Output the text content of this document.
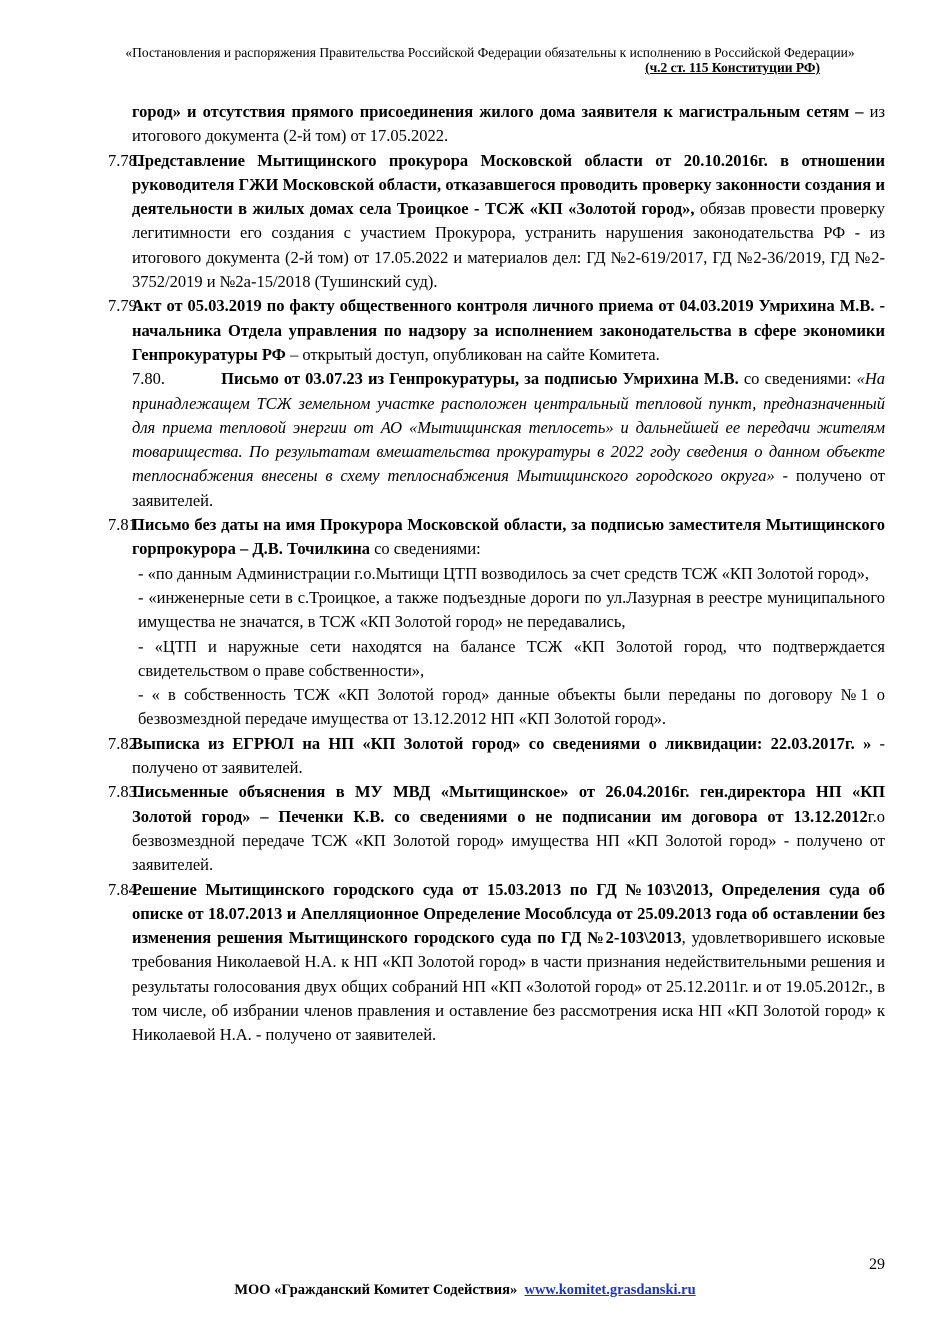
«Постановления и распоряжения Правительства Российской Федерации обязательны к исполнению в Российской Федерации»
(ч.2 ст. 115 Конституции РФ)

город» и отсутствия прямого присоединения жилого дома заявителя к магистральным сетям – из итогового документа (2-й том) от 17.05.2022.

7.78.
Представление Мытищинского прокурора Московской области от 20.10.2016г. в отношении руководителя ГЖИ Московской области, отказавшегося проводить проверку законности создания и деятельности в жилых домах села Троицкое - ТСЖ «КП «Золотой город», обязав провести проверку легитимности его создания с участием Прокурора, устранить нарушения законодательства РФ - из итогового документа (2-й том) от 17.05.2022 и материалов дел: ГД №2-619/2017, ГД №2-36/2019, ГД №2-3752/2019 и №2а-15/2018 (Тушинский суд).

7.79.
Акт от 05.03.2019 по факту общественного контроля личного приема от 04.03.2019 Умрихина М.В. - начальника Отдела управления по надзору за исполнением законодательства в сфере экономики Генпрокуратуры РФ – открытый доступ, опубликован на сайте Комитета.

7.80.	Письмо от 03.07.23 из Генпрокуратуры, за подписью Умрихина М.В. со сведениями: «На принадлежащем ТСЖ земельном участке расположен центральный тепловой пункт, предназначенный для приема тепловой энергии от АО «Мытищинская теплосеть» и дальнейшей ее передачи жителям товарищества. По результатам вмешательства прокуратуры в 2022 году сведения о данном объекте теплоснабжения внесены в схему теплоснабжения Мытищинского городского округа» - получено от заявителей.

7.81.
Письмо без даты на имя Прокурора Московской области, за подписью заместителя Мытищинского горпрокурора – Д.В. Точилкина со сведениями:

- «по данным Администрации г.о.Мытищи ЦТП возводилось за счет средств ТСЖ «КП Золотой город»,

- «инженерные сети в с.Троицкое, а также подъездные дороги по ул.Лазурная в реестре муниципального имущества не значатся, в ТСЖ «КП Золотой город» не передавались,

- «ЦТП и наружные сети находятся на балансе ТСЖ «КП Золотой город, что подтверждается свидетельством о праве собственности»,

- « в собственность ТСЖ «КП Золотой город» данные объекты были переданы по договору №1 о безвозмездной передаче имущества от 13.12.2012 НП «КП Золотой город».

7.82.
Выписка из ЕГРЮЛ на НП «КП Золотой город» со сведениями о ликвидации: 22.03.2017г. » - получено от заявителей.

7.83.
Письменные объяснения в МУ МВД «Мытищинское» от 26.04.2016г. ген.директора НП «КП Золотой город» – Печенки К.В. со сведениями о не подписании им договора от 13.12.2012г.о безвозмездной передаче ТСЖ «КП Золотой город» имущества НП «КП Золотой город» - получено от заявителей.

7.84.
Решение Мытищинского городского суда от 15.03.2013 по ГД №103\2013, Определения суда об описке от 18.07.2013 и Апелляционное Определение Мособлсуда от 25.09.2013 года об оставлении без изменения решения Мытищинского городского суда по ГД №2-103\2013, удовлетворившего исковые требования Николаевой Н.А. к НП «КП Золотой город» в части признания недействительными решения и результаты голосования двух общих собраний НП «КП «Золотой город» от 25.12.2011г. и от 19.05.2012г., в том числе, об избрании членов правления и оставление без рассмотрения иска НП «КП Золотой город» к Николаевой Н.А. - получено от заявителей.

29
МОО «Гражданский Комитет Содействия» www.komitet.grasdanski.ru
